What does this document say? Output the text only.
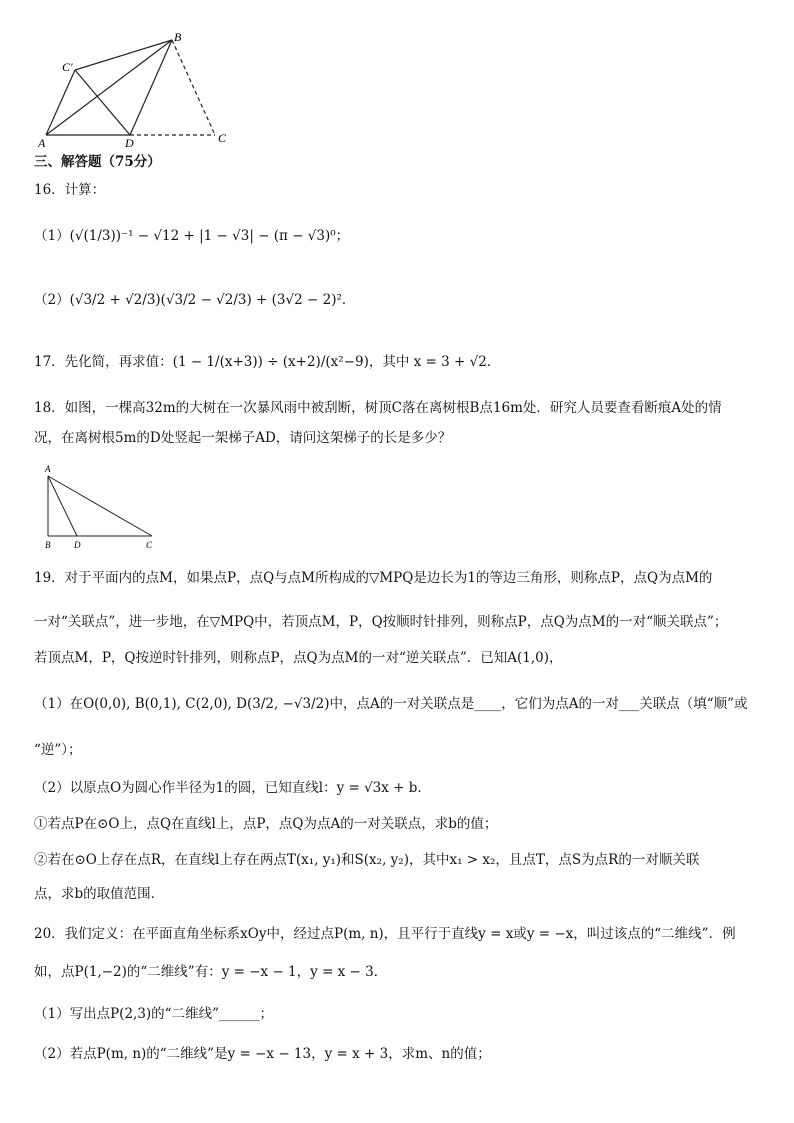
B
C′
A	D	C
三、解答题（75分）
16．计算：
（1）(√(1/3))⁻¹ − √12 + |1 − √3| − (π − √3)⁰；
（2）(√3/2 + √2/3)(√3/2 − √2/3) + (3√2 − 2)²．
17．先化简，再求值：(1 − 1/(x+3)) ÷ (x+2)/(x²−9)，其中 x = 3 + √2．
18．如图，一棵高32m的大树在一次暴风雨中被刮断，树顶C落在离树根B点16m处．研究人员要查看断痕A处的情
况，在离树根5m的D处竖起一架梯子AD，请问这架梯子的长是多少？
A
B	D	C
19．对于平面内的点M，如果点P，点Q与点M所构成的▽MPQ是边长为1的等边三角形，则称点P，点Q为点M的
一对“关联点”，进一步地，在▽MPQ中，若顶点M，P，Q按顺时针排列，则称点P，点Q为点M的一对“顺关联点”；
若顶点M，P，Q按逆时针排列，则称点P，点Q为点M的一对“逆关联点”．已知A(1,0)，
（1）在O(0,0), B(0,1), C(2,0), D(3/2, −√3/2)中，点A的一对关联点是____，它们为点A的一对___关联点（填“顺”或
“逆”）；
（2）以原点O为圆心作半径为1的圆，已知直线l：y = √3x + b．
①若点P在⊙O上，点Q在直线l上，点P，点Q为点A的一对关联点，求b的值；
②若在⊙O上存在点R，在直线l上存在两点T(x₁, y₁)和S(x₂, y₂)，其中x₁ > x₂，且点T，点S为点R的一对顺关联
点，求b的取值范围．
20．我们定义：在平面直角坐标系xOy中，经过点P(m, n)，且平行于直线y = x或y = −x，叫过该点的“二维线”．例
如，点P(1,−2)的“二维线”有：y = −x − 1，y = x − 3．
（1）写出点P(2,3)的“二维线”______；
（2）若点P(m, n)的“二维线”是y = −x − 13，y = x + 3，求m、n的值；
